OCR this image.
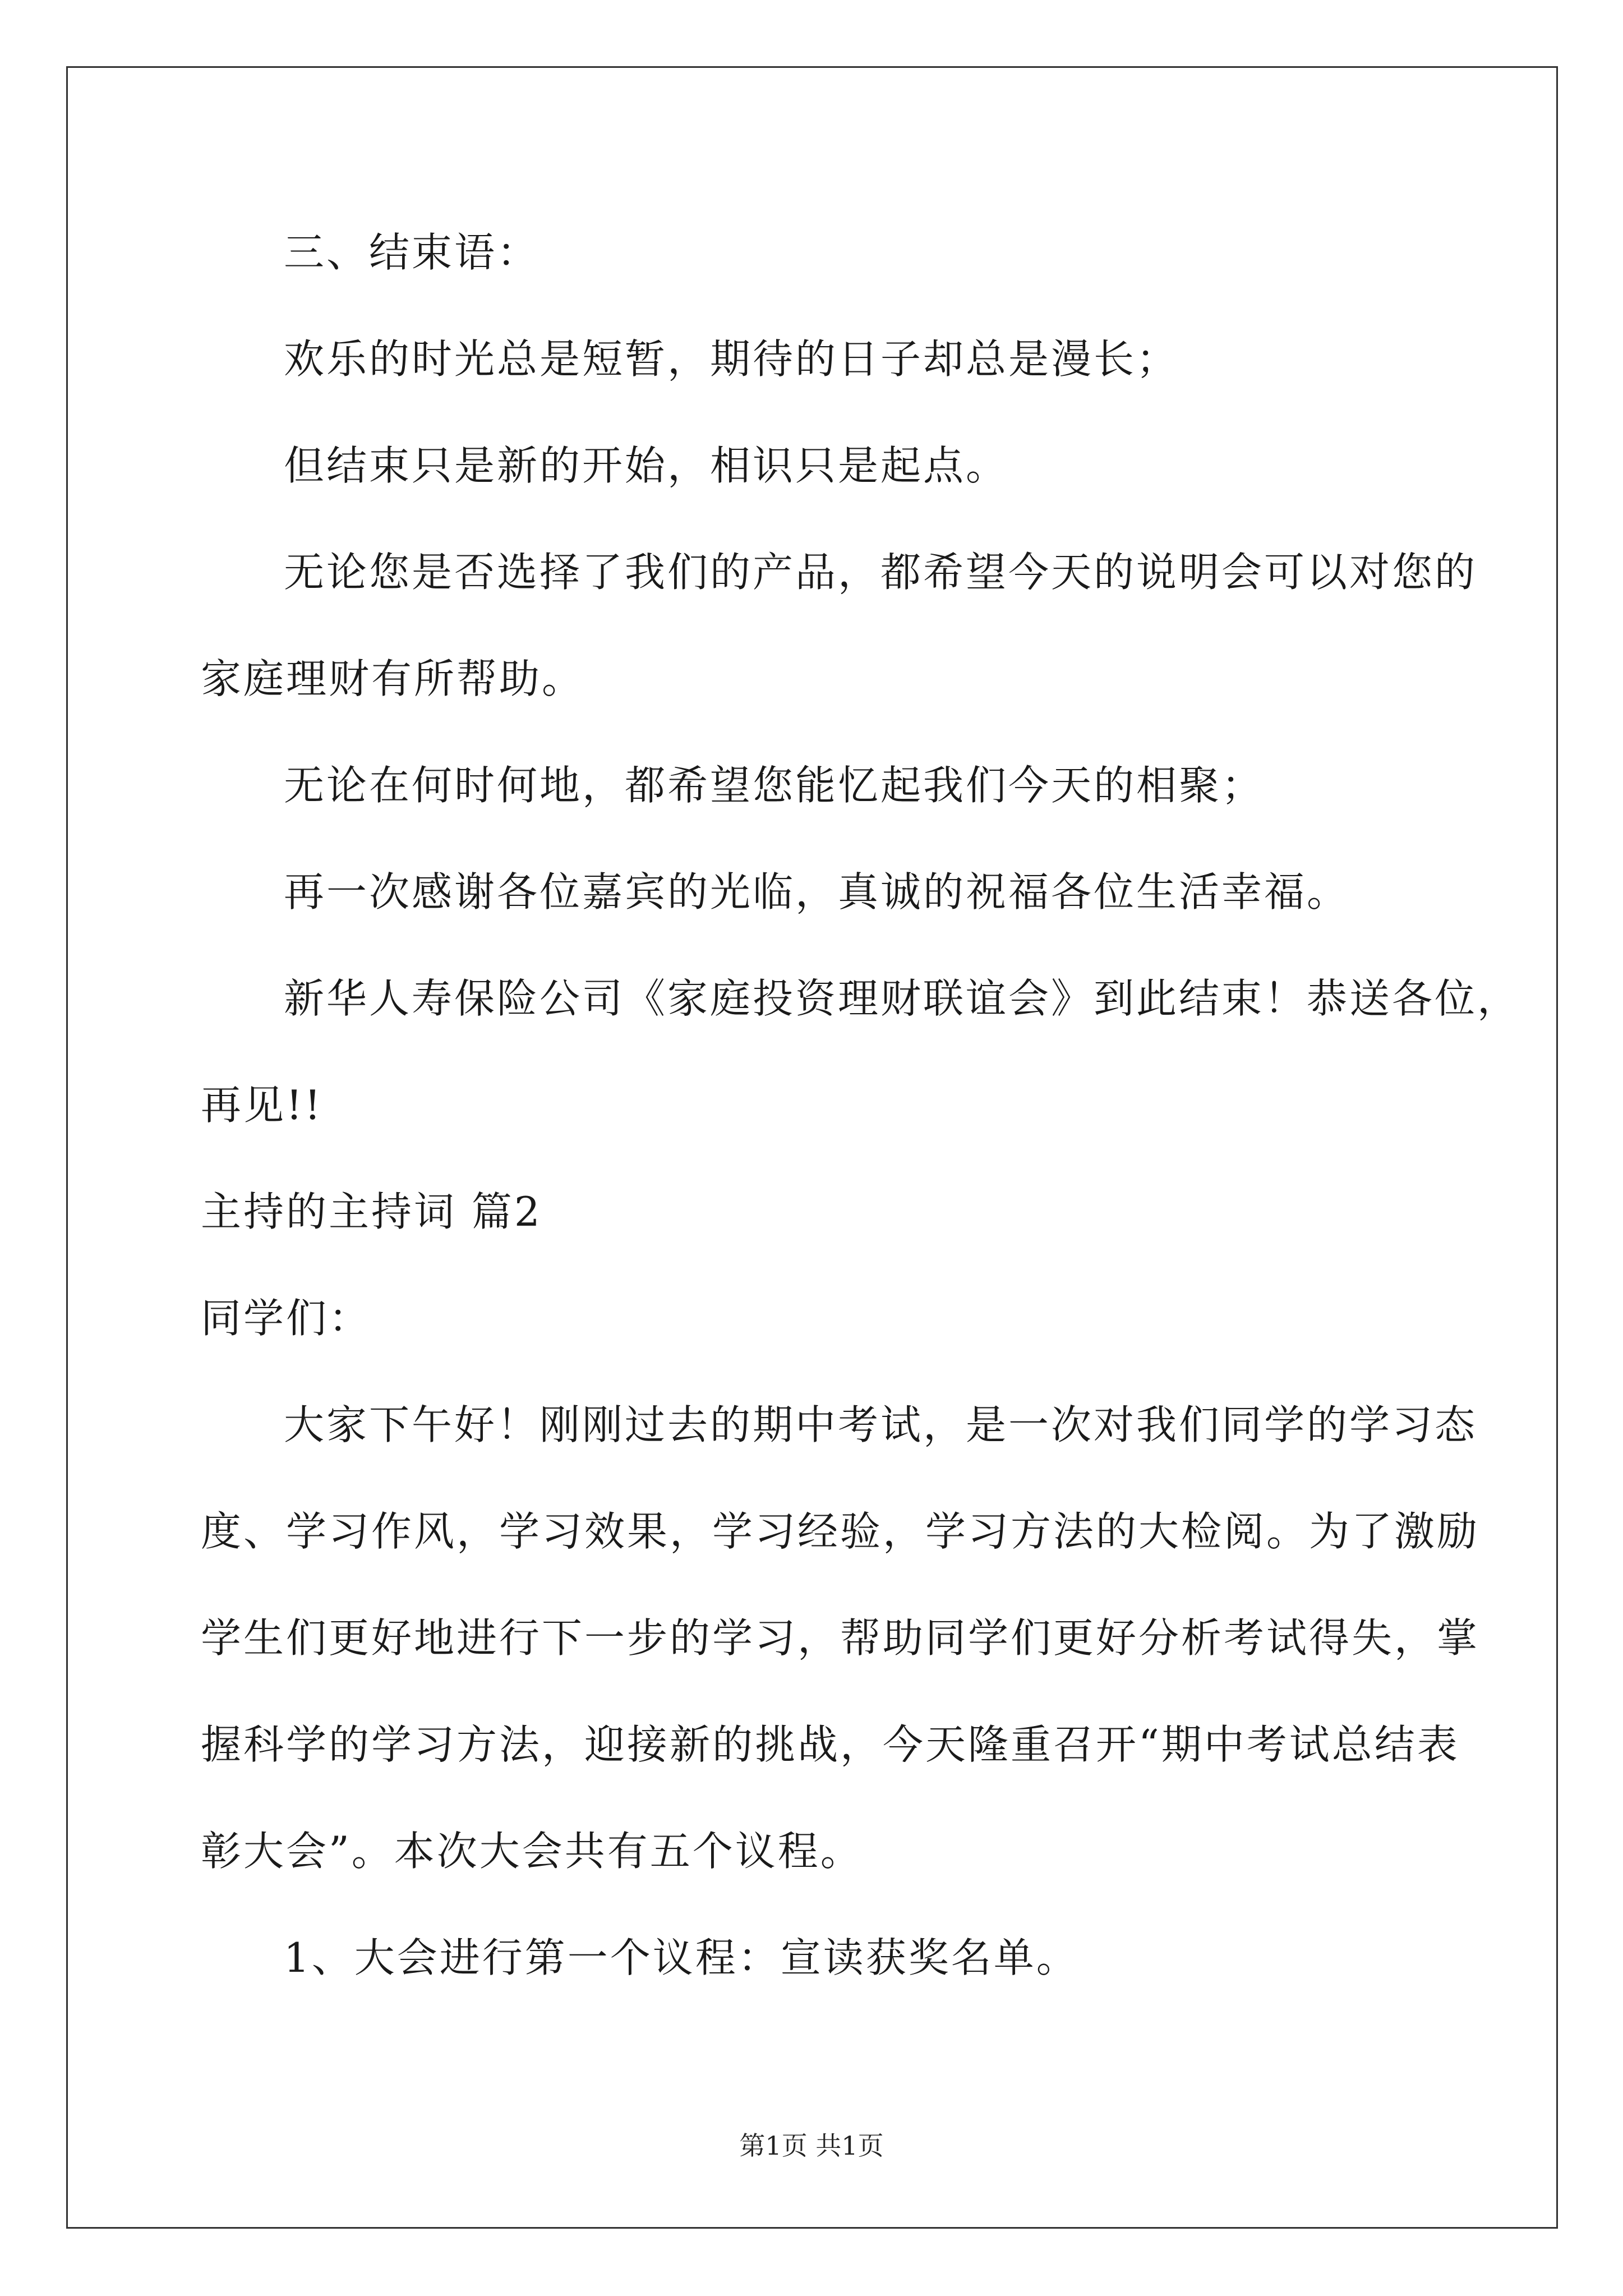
三、结束语：
欢乐的时光总是短暂，期待的日子却总是漫长；
但结束只是新的开始，相识只是起点。
无论您是否选择了我们的产品，都希望今天的说明会可以对您的
家庭理财有所帮助。
无论在何时何地，都希望您能忆起我们今天的相聚；
再一次感谢各位嘉宾的光临，真诚的祝福各位生活幸福。
新华人寿保险公司《家庭投资理财联谊会》到此结束！恭送各位，
再见!!
主持的主持词 篇2
同学们：
大家下午好！刚刚过去的期中考试，是一次对我们同学的学习态
度、学习作风，学习效果，学习经验，学习方法的大检阅。为了激励
学生们更好地进行下一步的学习，帮助同学们更好分析考试得失，掌
握科学的学习方法，迎接新的挑战，今天隆重召开“期中考试总结表
彰大会”。本次大会共有五个议程。
1、大会进行第一个议程：宣读获奖名单。
第1页 共1页
